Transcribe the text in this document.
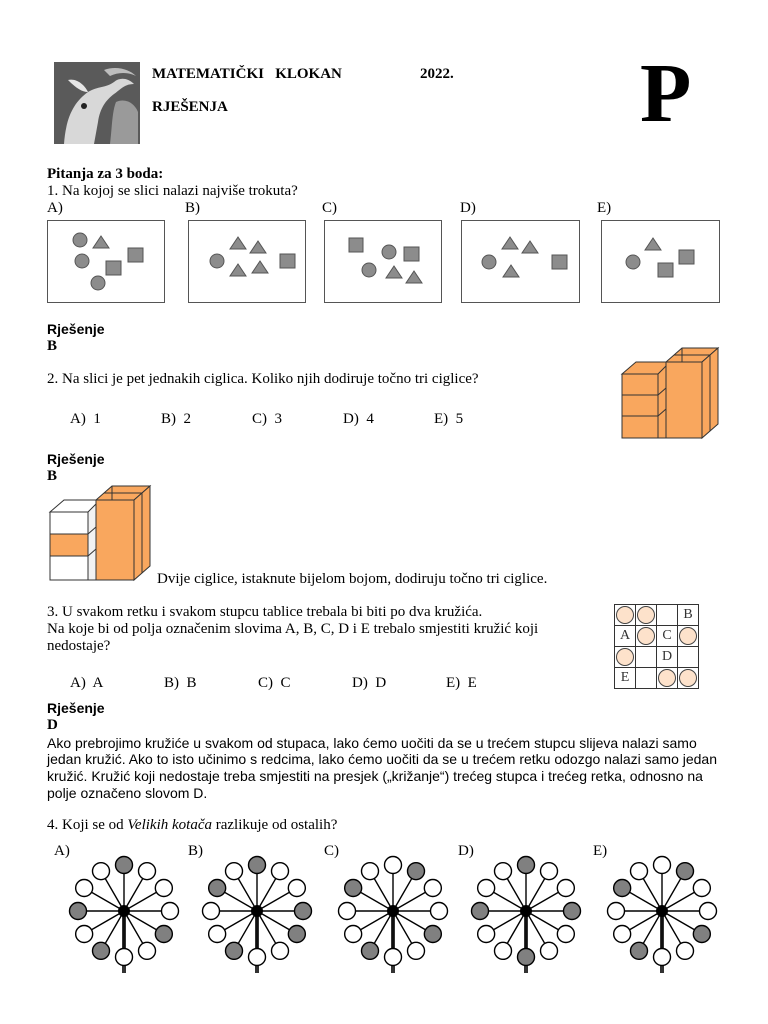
MATEMATIČKI   KLOKAN	2022.
RJEŠENJA	P
Pitanja za 3 boda:
1. Na kojoj se slici nalazi najviše trokuta?
A)	B)	C)	D)	E)
Rješenje
B
2. Na slici je pet jednakih ciglica. Koliko njih dodiruje točno tri ciglice?
A)  1	B)  2	C)  3	D)  4	E)  5
Rješenje
B
Dvije ciglice, istaknute bijelom bojom, dodiruju točno tri ciglice.
3. U svakom retku i svakom stupcu tablice trebala bi biti po dva kružića.
Na koje bi od polja označenim slovima A, B, C, D i E trebalo smjestiti kružić koji
nedostaje?
			B
A		C	
		D	
E			
A)  A	B)  B	C)  C	D)  D	E)  E
Rješenje
D
Ako prebrojimo kružiće u svakom od stupaca, lako ćemo uočiti da se u trećem stupcu slijeva nalazi samo
jedan kružić. Ako to isto učinimo s redcima, lako ćemo uočiti da se u trećem retku odozgo nalazi samo jedan
kružić. Kružić koji nedostaje treba smjestiti na presjek („križanje“) trećeg stupca i trećeg retka, odnosno na
polje označeno slovom D.
4. Koji se od Velikih kotača razlikuje od ostalih?
A)	B)	C)	D)	E)
